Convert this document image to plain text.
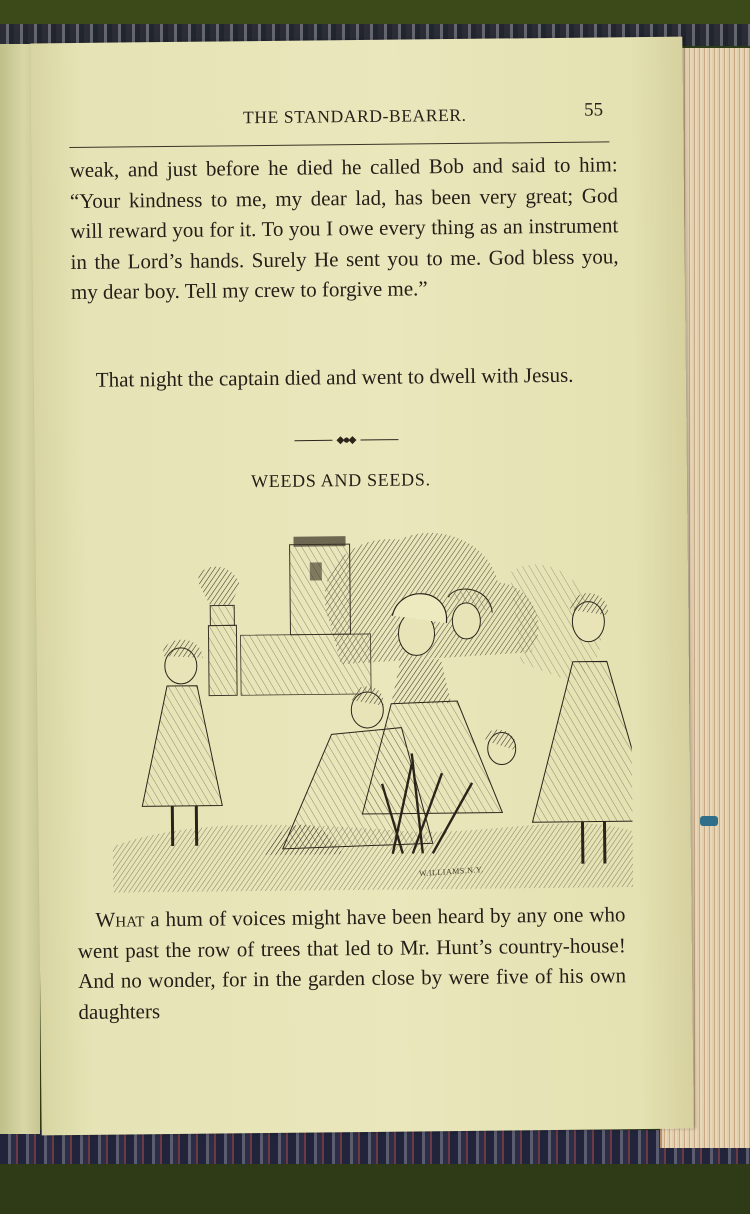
THE STANDARD-BEARER.	55

weak, and just before he died he called Bob and said to him: “Your kindness to me, my dear lad, has been very great; God will reward you for it. To you I owe every thing as an instrument in the Lord’s hands. Surely He sent you to me. God bless you, my dear boy. Tell my crew to forgive me.”

That night the captain died and went to dwell with Jesus.

WEEDS AND SEEDS.
W.ILLIAMS.N.Y.

What a hum of voices might have been heard by any one who went past the row of trees that led to Mr. Hunt’s country-house! And no wonder, for in the garden close by were five of his own daughters
